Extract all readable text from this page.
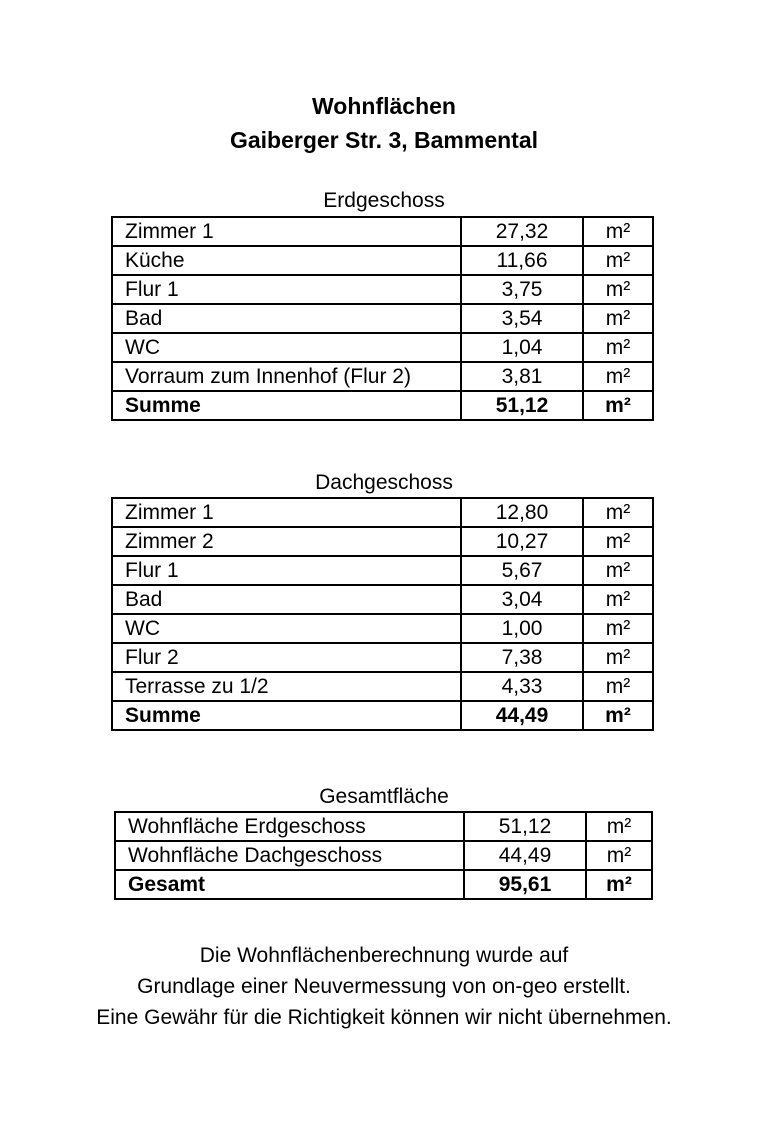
Wohnflächen
Gaiberger Str. 3, Bammental
Erdgeschoss
Zimmer 1	27,32	m²
Küche	11,66	m²
Flur 1	3,75	m²
Bad	3,54	m²
WC	1,04	m²
Vorraum zum Innenhof (Flur 2)	3,81	m²
Summe	51,12	m²
Dachgeschoss
Zimmer 1	12,80	m²
Zimmer 2	10,27	m²
Flur 1	5,67	m²
Bad	3,04	m²
WC	1,00	m²
Flur 2	7,38	m²
Terrasse zu 1/2	4,33	m²
Summe	44,49	m²
Gesamtfläche
Wohnfläche Erdgeschoss	51,12	m²
Wohnfläche Dachgeschoss	44,49	m²
Gesamt	95,61	m²
Die Wohnflächenberechnung wurde auf
Grundlage einer Neuvermessung von on-geo erstellt.
Eine Gewähr für die Richtigkeit können wir nicht übernehmen.
